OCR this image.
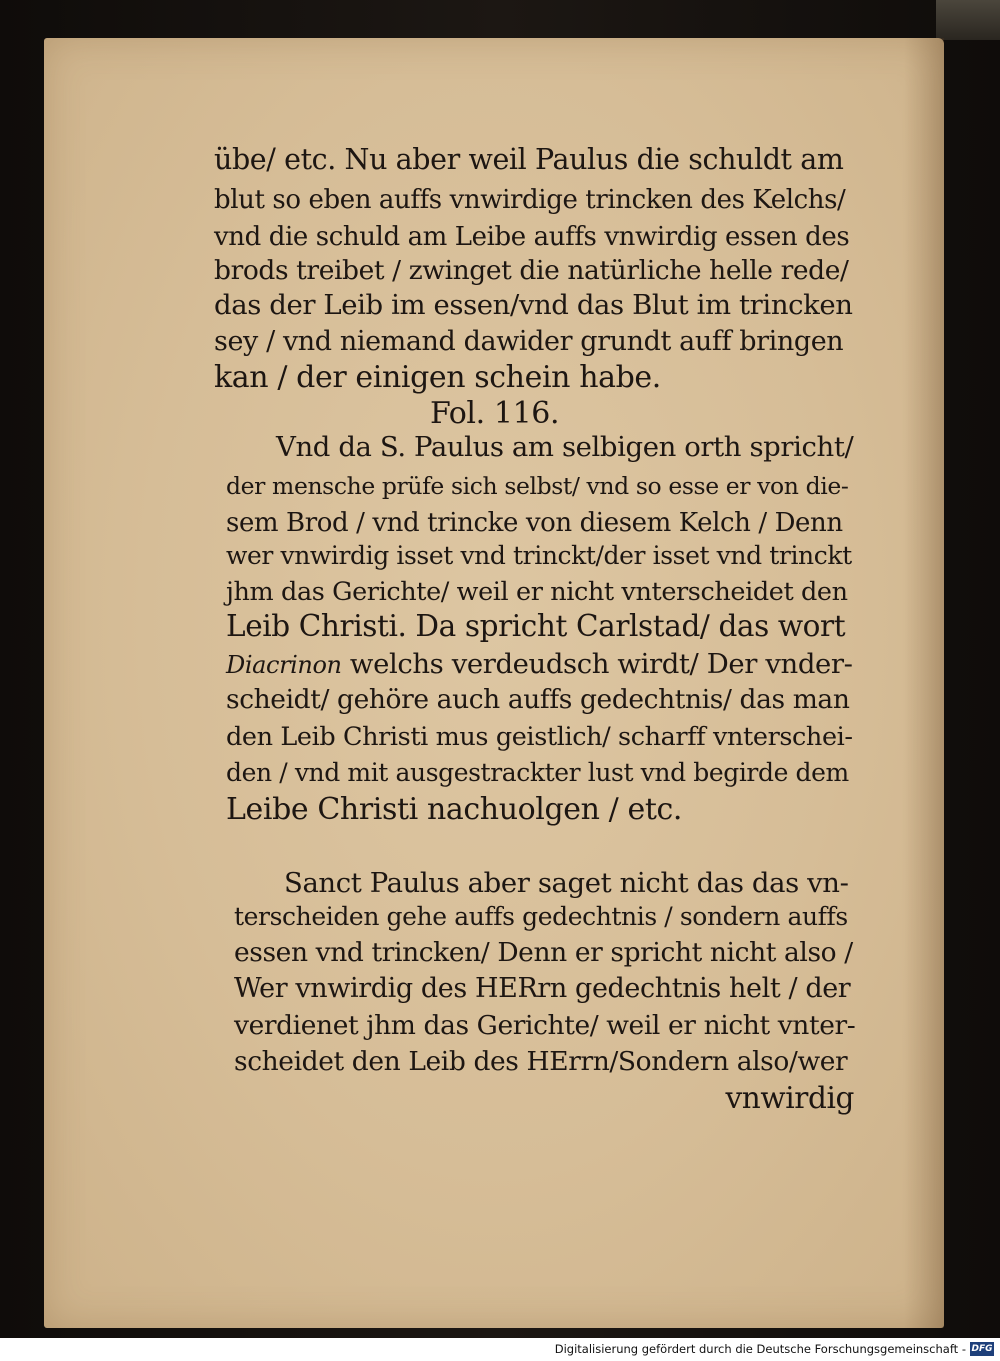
übe/ etc. Nu aber weil Paulus die schuldt am
blut so eben auffs vnwirdige trincken des Kelchs/
vnd die schuld am Leibe auffs vnwirdig essen des
brods treibet / zwinget die natürliche helle rede/
das der Leib im essen/vnd das Blut im trincken
sey / vnd niemand dawider grundt auff bringen
kan / der einigen schein habe.
Fol. 116.
Vnd da S. Paulus am selbigen orth spricht/
der mensche prüfe sich selbst/ vnd so esse er von die-
sem Brod / vnd trincke von diesem Kelch / Denn
wer vnwirdig isset vnd trinckt/der isset vnd trinckt
jhm das Gerichte/ weil er nicht vnterscheidet den
Leib Christi. Da spricht Carlstad/ das wort
Diacrinon welchs verdeudsch wirdt/ Der vnder-
scheidt/ gehöre auch auffs gedechtnis/ das man
den Leib Christi mus geistlich/ scharff vnterschei-
den / vnd mit ausgestrackter lust vnd begirde dem
Leibe Christi nachuolgen / etc.
Sanct Paulus aber saget nicht das das vn-
terscheiden gehe auffs gedechtnis / sondern auffs
essen vnd trincken/ Denn er spricht nicht also /
Wer vnwirdig des HERrn gedechtnis helt / der
verdienet jhm das Gerichte/ weil er nicht vnter-
scheidet den Leib des HErrn/Sondern also/wer
vnwirdig
Digitalisierung gefördert durch die Deutsche Forschungsgemeinschaft - DFG
